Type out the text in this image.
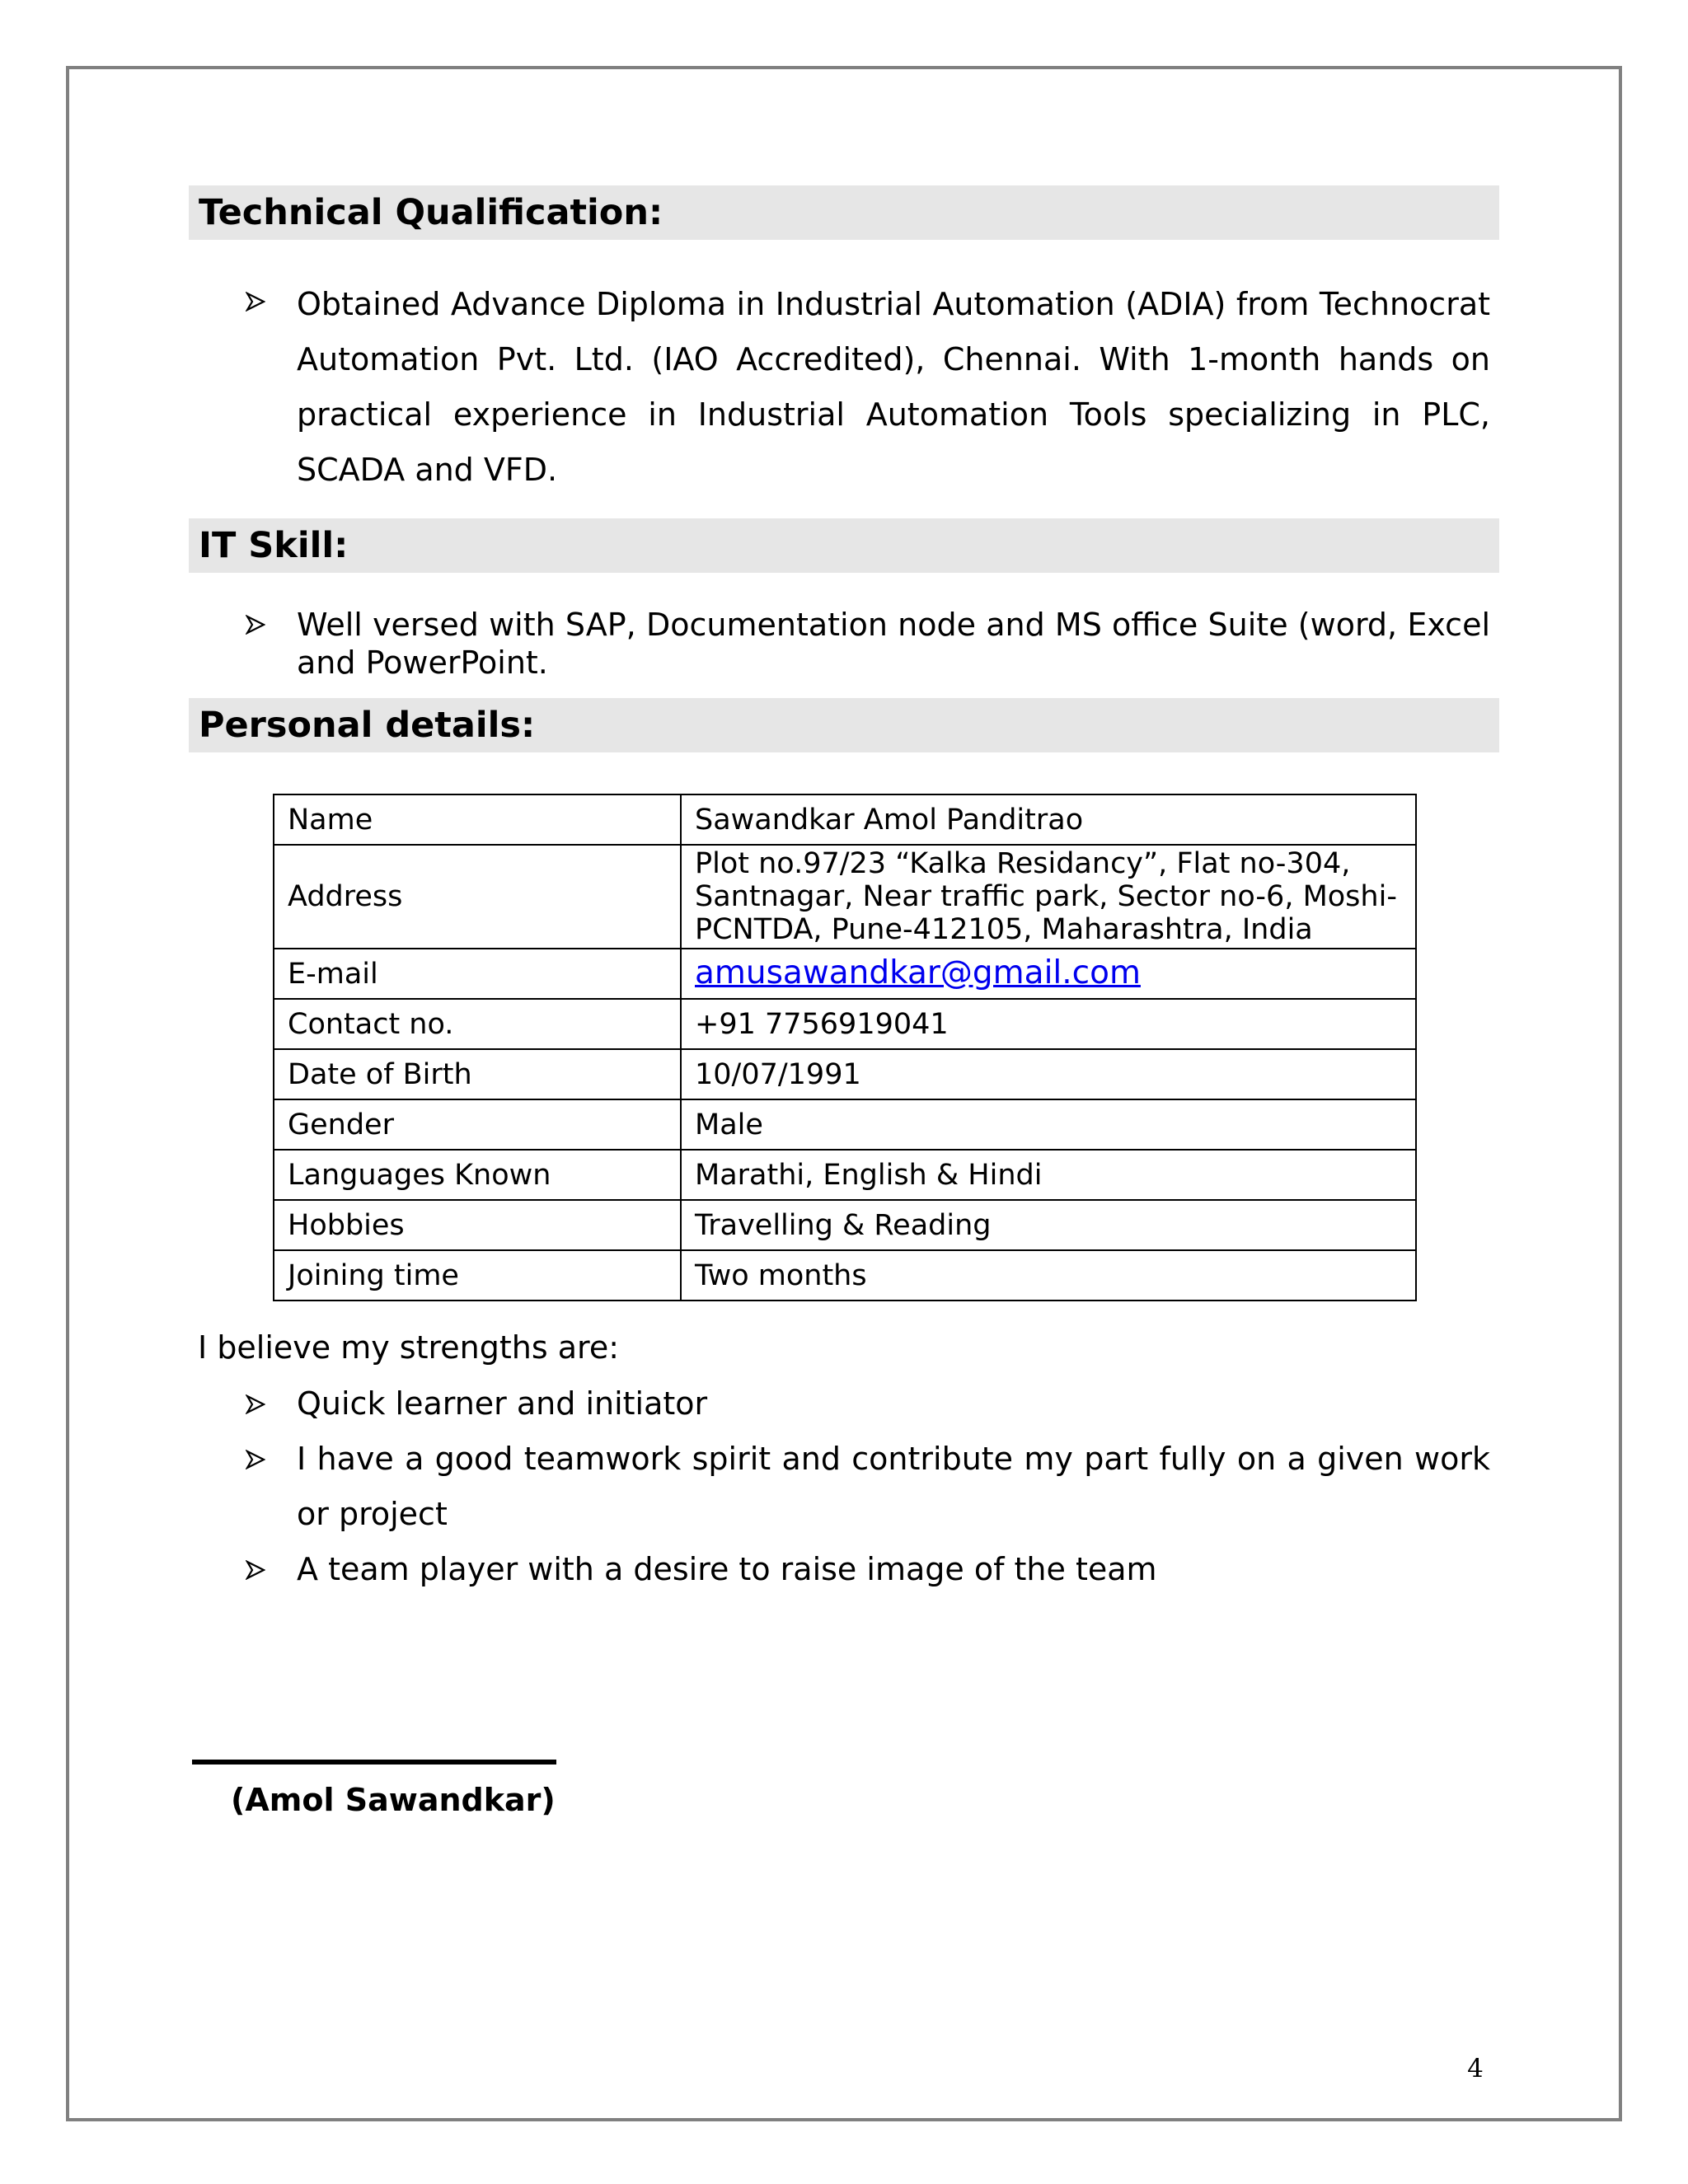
Technical Qualification:
Obtained Advance Diploma in Industrial Automation (ADIA) from Technocrat Automation Pvt. Ltd. (IAO Accredited), Chennai. With 1-month hands on practical experience in Industrial Automation Tools specializing in PLC, SCADA and VFD.
IT Skill:
Well versed with SAP, Documentation node and MS office Suite (word, Excel and PowerPoint.
Personal details:
Name	Sawandkar Amol Panditrao
Address	Plot no.97/23 “Kalka Residancy”, Flat no-304, Santnagar, Near traffic park, Sector no-6, Moshi-PCNTDA, Pune-412105, Maharashtra, India
E-mail	amusawandkar@gmail.com
Contact no.	+91 7756919041
Date of Birth	10/07/1991
Gender	Male
Languages Known	Marathi, English & Hindi
Hobbies	Travelling & Reading
Joining time	Two months
I believe my strengths are:
Quick learner and initiator
I have a good teamwork spirit and contribute my part fully on a given work or project
A team player with a desire to raise image of the team
(Amol Sawandkar)
4
